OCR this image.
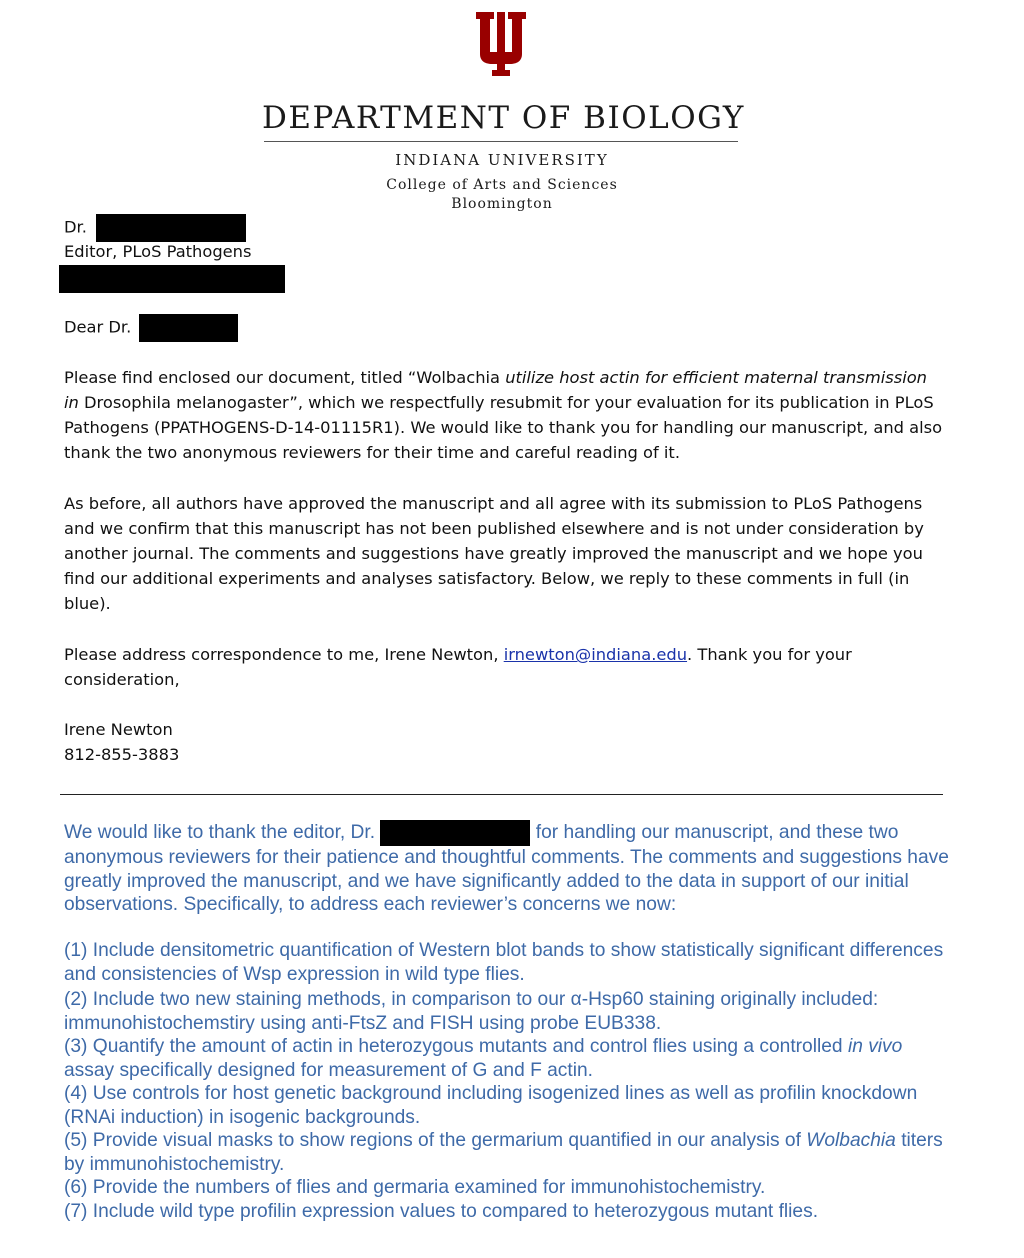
DEPARTMENT OF BIOLOGY
INDIANA UNIVERSITY
College of Arts and Sciences
Bloomington
Dr.
Editor, PLoS Pathogens
Dear Dr.
Please find enclosed our document, titled “Wolbachia utilize host actin for efficient maternal transmission in Drosophila melanogaster”, which we respectfully resubmit for your evaluation for its publication in PLoS Pathogens (PPATHOGENS-D-14-01115R1). We would like to thank you for handling our manuscript, and also thank the two anonymous reviewers for their time and careful reading of it.
As before, all authors have approved the manuscript and all agree with its submission to PLoS Pathogens and we confirm that this manuscript has not been published elsewhere and is not under consideration by another journal. The comments and suggestions have greatly improved the manuscript and we hope you find our additional experiments and analyses satisfactory. Below, we reply to these comments in full (in blue).
Please address correspondence to me, Irene Newton, irnewton@indiana.edu. Thank you for your consideration,
Irene Newton
812-855-3883
We would like to thank the editor, Dr.	for handling our manuscript, and these two anonymous reviewers for their patience and thoughtful comments. The comments and suggestions have greatly improved the manuscript, and we have significantly added to the data in support of our initial observations. Specifically, to address each reviewer’s concerns we now:

(1) Include densitometric quantification of Western blot bands to show statistically significant differences and consistencies of Wsp expression in wild type flies.

(2) Include two new staining methods, in comparison to our α-Hsp60 staining originally included: immunohistochemstiry using anti-FtsZ and FISH using probe EUB338.

(3) Quantify the amount of actin in heterozygous mutants and control flies using a controlled in vivo assay specifically designed for measurement of G and F actin.

(4) Use controls for host genetic background including isogenized lines as well as profilin knockdown (RNAi induction) in isogenic backgrounds.

(5) Provide visual masks to show regions of the germarium quantified in our analysis of Wolbachia titers by immunohistochemistry.

(6) Provide the numbers of flies and germaria examined for immunohistochemistry.

(7) Include wild type profilin expression values to compared to heterozygous mutant flies.
